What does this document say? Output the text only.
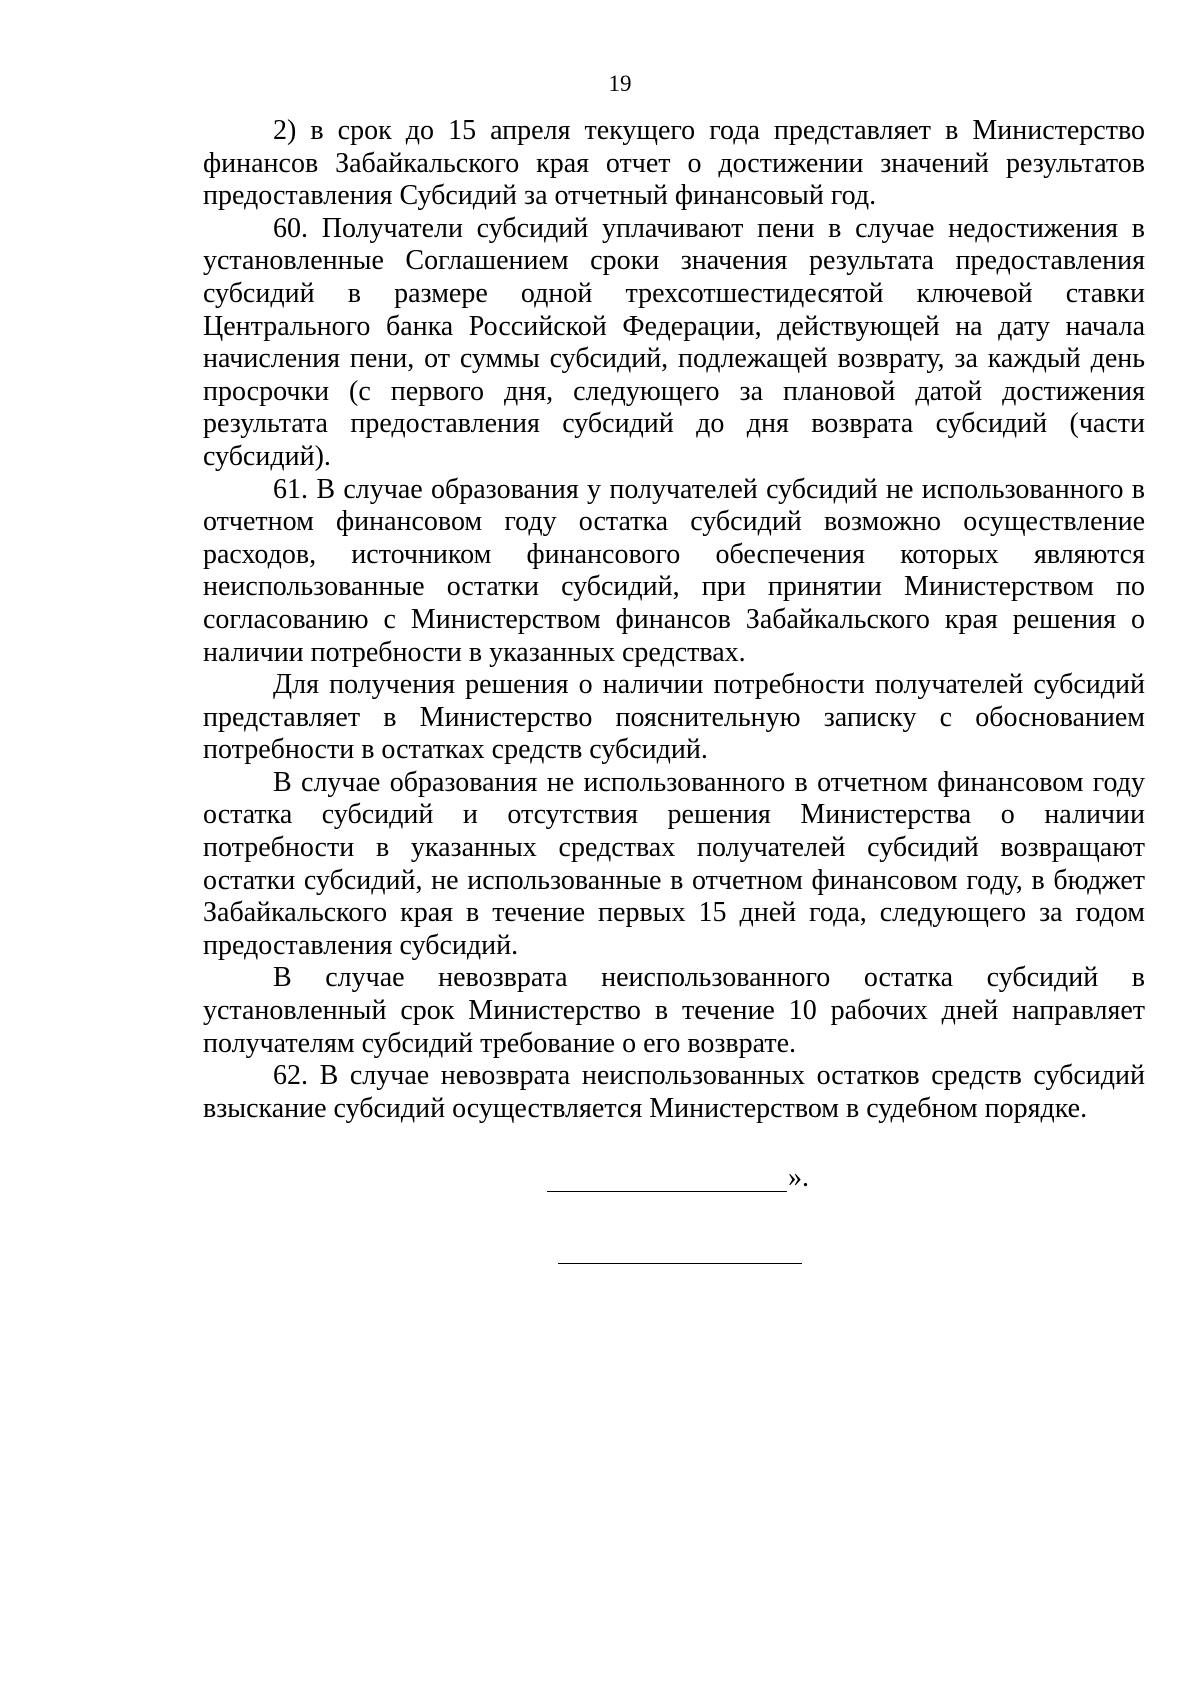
19

2) в срок до 15 апреля текущего года представляет в Министерство финансов Забайкальского края отчет о достижении значений результатов предоставления Субсидий за отчетный финансовый год.

60. Получатели субсидий уплачивают пени в случае недостижения в установленные Соглашением сроки значения результата предоставления субсидий в размере одной трехсотшестидесятой ключевой ставки Центрального банка Российской Федерации, действующей на дату начала начисления пени, от суммы субсидий, подлежащей возврату, за каждый день просрочки (с первого дня, следующего за плановой датой достижения результата предоставления субсидий до дня возврата субсидий (части субсидий).

61. В случае образования у получателей субсидий не использованного в отчетном финансовом году остатка субсидий возможно осуществление расходов, источником финансового обеспечения которых являются неиспользованные остатки субсидий, при принятии Министерством по согласованию с Министерством финансов Забайкальского края решения о наличии потребности в указанных средствах.

Для получения решения о наличии потребности получателей субсидий представляет в Министерство пояснительную записку с обоснованием потребности в остатках средств субсидий.

В случае образования не использованного в отчетном финансовом году остатка субсидий и отсутствия решения Министерства о наличии потребности в указанных средствах получателей субсидий возвращают остатки субсидий, не использованные в отчетном финансовом году, в бюджет Забайкальского края в течение первых 15 дней года, следующего за годом предоставления субсидий.

В случае невозврата неиспользованного остатка субсидий в установленный срок Министерство в течение 10 рабочих дней направляет получателям субсидий требование о его возврате.

62. В случае невозврата неиспользованных остатков средств субсидий взыскание субсидий осуществляется Министерством в судебном порядке.

».
